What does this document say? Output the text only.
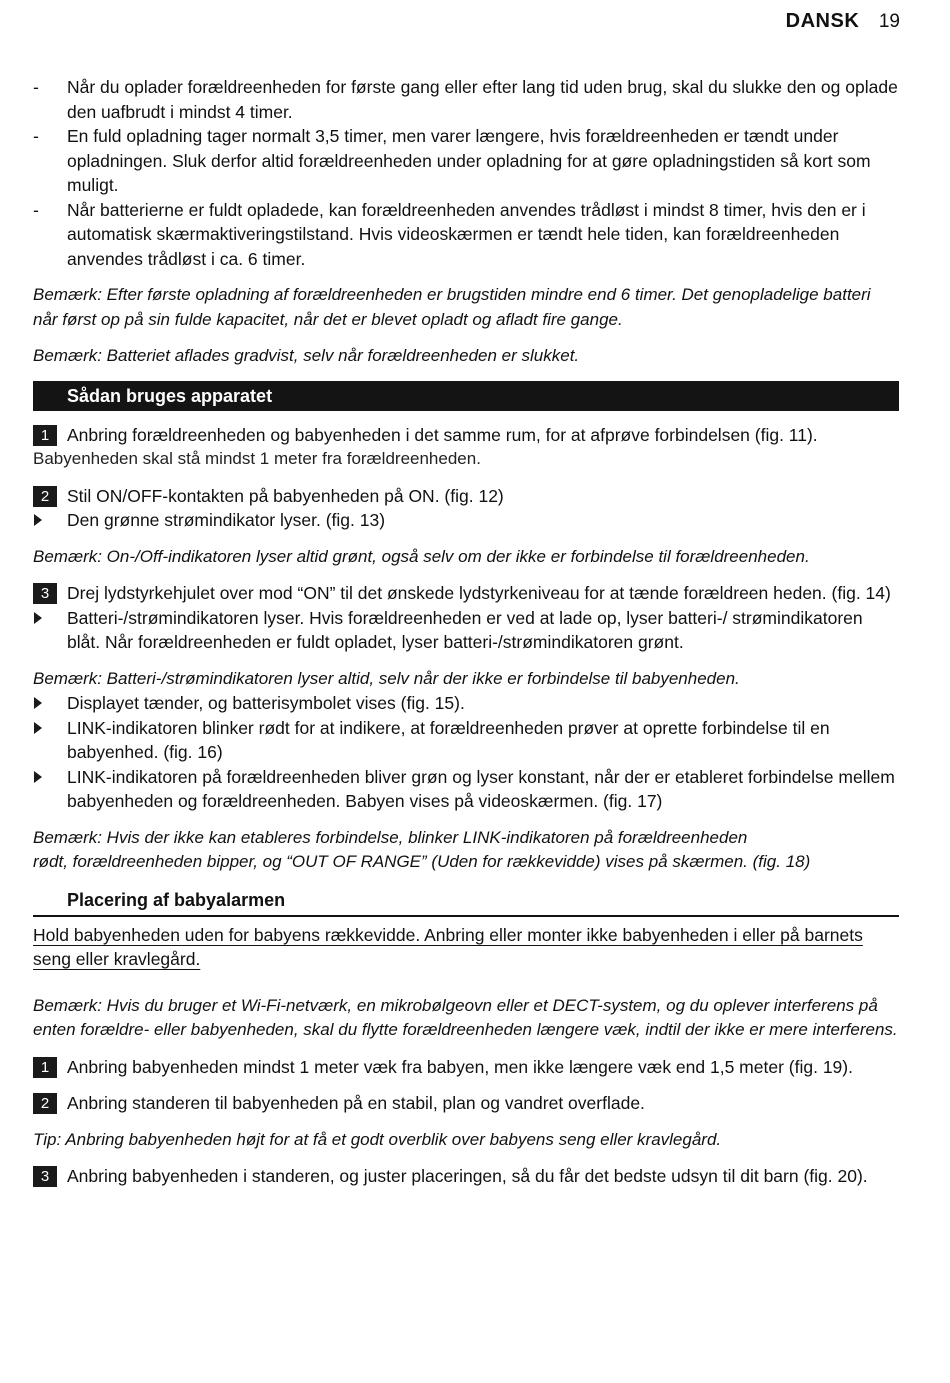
DANSK 19
- Når du oplader forældreenheden for første gang eller efter lang tid uden brug, skal du slukke den og oplade den uafbrudt i mindst 4 timer.
- En fuld opladning tager normalt 3,5 timer, men varer længere, hvis forældreenheden er tændt under opladningen. Sluk derfor altid forældreenheden under opladning for at gøre opladningstiden så kort som muligt.
- Når batterierne er fuldt opladede, kan forældreenheden anvendes trådløst i mindst 8 timer, hvis den er i automatisk skærmaktiveringstilstand. Hvis videoskærmen er tændt hele tiden, kan forældreenheden anvendes trådløst i ca. 6 timer.
Bemærk: Efter første opladning af forældreenheden er brugstiden mindre end 6 timer. Det genopladelige batteri når først op på sin fulde kapacitet, når det er blevet opladt og afladt fire gange.
Bemærk: Batteriet aflades gradvist, selv når forældreenheden er slukket.
Sådan bruges apparatet
1	Anbring forældreenheden og babyenheden i det samme rum, for at afprøve forbindelsen (fig. 11).
Babyenheden skal stå mindst 1 meter fra forældreenheden.
2	Stil ON/OFF-kontakten på babyenheden på ON. (fig. 12)
Den grønne strømindikator lyser. (fig. 13)
Bemærk: On-/Off-indikatoren lyser altid grønt, også selv om der ikke er forbindelse til forældreenheden.
3	Drej lydstyrkehjulet over mod “ON” til det ønskede lydstyrkeniveau for at tænde forældreen heden. (fig. 14)
Batteri-/strømindikatoren lyser. Hvis forældreenheden er ved at lade op, lyser batteri-/ strømindikatoren blåt. Når forældreenheden er fuldt opladet, lyser batteri-/strømindikatoren grønt.
Bemærk: Batteri-/strømindikatoren lyser altid, selv når der ikke er forbindelse til babyenheden.
Displayet tænder, og batterisymbolet vises (fig. 15).
LINK-indikatoren blinker rødt for at indikere, at forældreenheden prøver at oprette forbindelse til en babyenhed. (fig. 16)
LINK-indikatoren på forældreenheden bliver grøn og lyser konstant, når der er etableret forbindelse mellem babyenheden og forældreenheden. Babyen vises på videoskærmen. (fig. 17)
Bemærk: Hvis der ikke kan etableres forbindelse, blinker LINK-indikatoren på forældreenheden
rødt, forældreenheden bipper, og “OUT OF RANGE” (Uden for rækkevidde) vises på skærmen. (fig. 18)
Placering af babyalarmen
Hold babyenheden uden for babyens rækkevidde. Anbring eller monter ikke babyenheden i eller på barnets seng eller kravlegård.
Bemærk: Hvis du bruger et Wi-Fi-netværk, en mikrobølgeovn eller et DECT-system, og du oplever interferens på enten forældre- eller babyenheden, skal du flytte forældreenheden længere væk, indtil der ikke er mere interferens.
1	Anbring babyenheden mindst 1 meter væk fra babyen, men ikke længere væk end 1,5 meter (fig. 19).
2	Anbring standeren til babyenheden på en stabil, plan og vandret overflade.
Tip: Anbring babyenheden højt for at få et godt overblik over babyens seng eller kravlegård.
3	Anbring babyenheden i standeren, og juster placeringen, så du får det bedste udsyn til dit barn (fig. 20).
